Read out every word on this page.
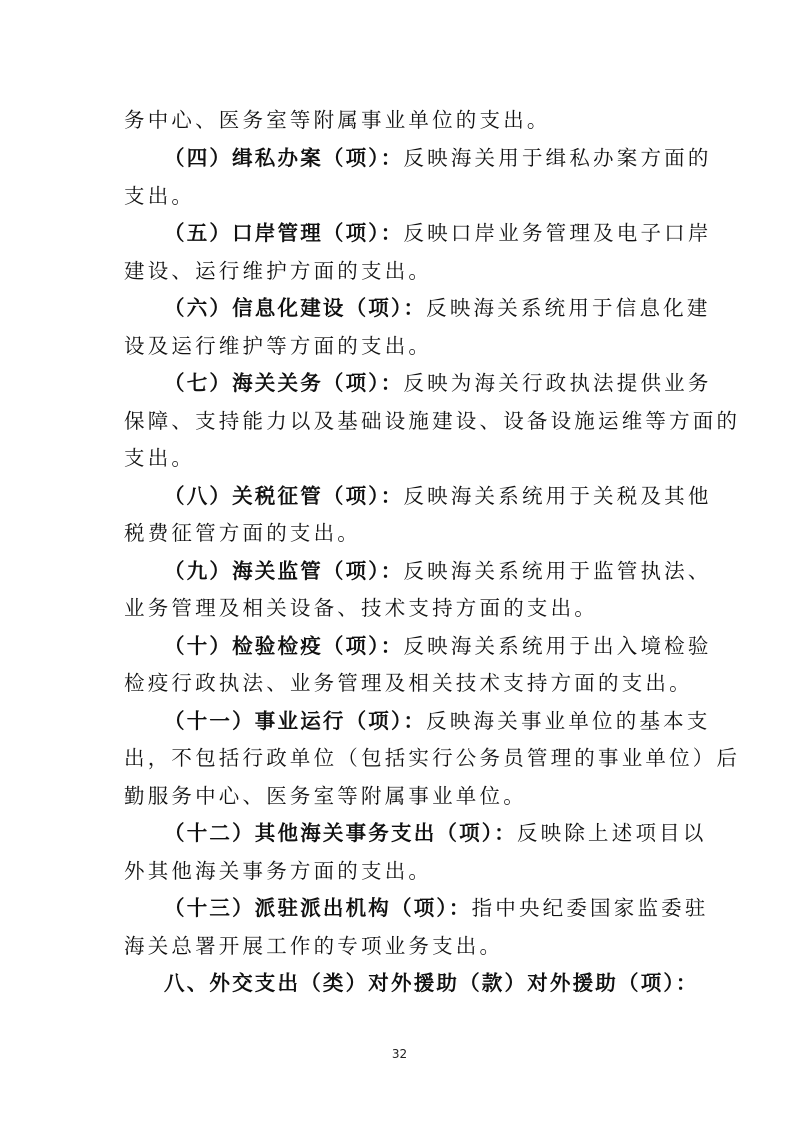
务中心、医务室等附属事业单位的支出。
（四）缉私办案（项）：反映海关用于缉私办案方面的
支出。
（五）口岸管理（项）：反映口岸业务管理及电子口岸
建设、运行维护方面的支出。
（六）信息化建设（项）：反映海关系统用于信息化建
设及运行维护等方面的支出。
（七）海关关务（项）：反映为海关行政执法提供业务
保障、支持能力以及基础设施建设、设备设施运维等方面的
支出。
（八）关税征管（项）：反映海关系统用于关税及其他
税费征管方面的支出。
（九）海关监管（项）：反映海关系统用于监管执法、
业务管理及相关设备、技术支持方面的支出。
（十）检验检疫（项）：反映海关系统用于出入境检验
检疫行政执法、业务管理及相关技术支持方面的支出。
（十一）事业运行（项）：反映海关事业单位的基本支
出，不包括行政单位（包括实行公务员管理的事业单位）后
勤服务中心、医务室等附属事业单位。
（十二）其他海关事务支出（项）：反映除上述项目以
外其他海关事务方面的支出。
（十三）派驻派出机构（项）：指中央纪委国家监委驻
海关总署开展工作的专项业务支出。
八、外交支出（类）对外援助（款）对外援助（项）：
32
